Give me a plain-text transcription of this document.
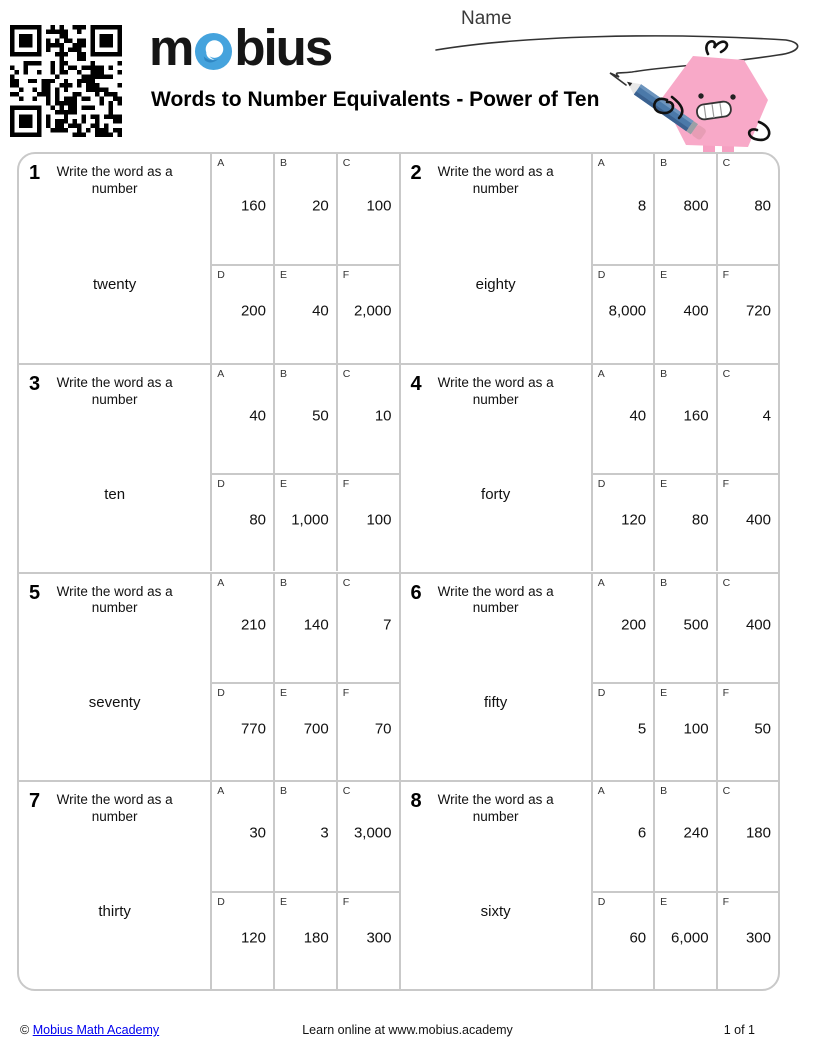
m bius
Words to Number Equivalents - Power of Ten
Name
1	Write the word as a number
twenty
A
160
B
20
C
100
D
200
E
40
F
2,000
2	Write the word as a number
eighty
A
8
B
800
C
80
D
8,000
E
400
F
720
3	Write the word as a number
ten
A
40
B
50
C
10
D
80
E
1,000
F
100
4	Write the word as a number
forty
A
40
B
160
C
4
D
120
E
80
F
400
5	Write the word as a number
seventy
A
210
B
140
C
7
D
770
E
700
F
70
6	Write the word as a number
fifty
A
200
B
500
C
400
D
5
E
100
F
50
7	Write the word as a number
thirty
A
30
B
3
C
3,000
D
120
E
180
F
300
8	Write the word as a number
sixty
A
6
B
240
C
180
D
60
E
6,000
F
300
© Mobius Math Academy	Learn online at www.mobius.academy	1 of 1
